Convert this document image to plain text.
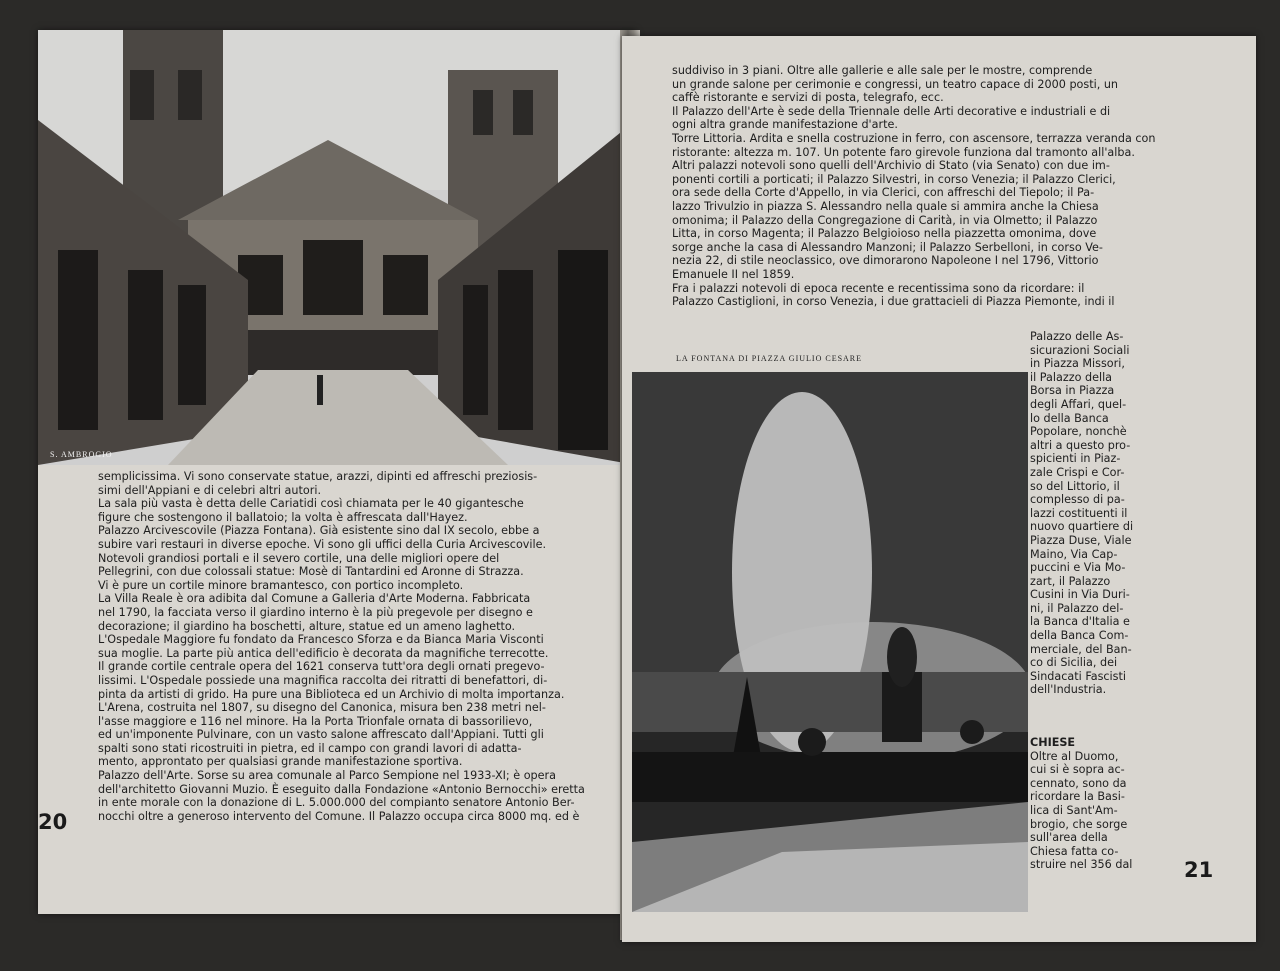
S. AMBROGIO

semplicissima. Vi sono conservate statue, arazzi, dipinti ed affreschi preziosis-

simi dell'Appiani e di celebri altri autori.

La sala più vasta è detta delle Cariatidi così chiamata per le 40 gigantesche

figure che sostengono il ballatoio; la volta è affrescata dall'Hayez.

Palazzo Arcivescovile (Piazza Fontana). Già esistente sino dal IX secolo, ebbe a

subire vari restauri in diverse epoche. Vi sono gli uffici della Curia Arcivescovile.

Notevoli grandiosi portali e il severo cortile, una delle migliori opere del

Pellegrini, con due colossali statue: Mosè di Tantardini ed Aronne di Strazza.

Vi è pure un cortile minore bramantesco, con portico incompleto.

La Villa Reale è ora adibita dal Comune a Galleria d'Arte Moderna. Fabbricata

nel 1790, la facciata verso il giardino interno è la più pregevole per disegno e

decorazione; il giardino ha boschetti, alture, statue ed un ameno laghetto.

L'Ospedale Maggiore fu fondato da Francesco Sforza e da Bianca Maria Visconti

sua moglie. La parte più antica dell'edificio è decorata da magnifiche terrecotte.

Il grande cortile centrale opera del 1621 conserva tutt'ora degli ornati pregevo-

lissimi. L'Ospedale possiede una magnifica raccolta dei ritratti di benefattori, di-

pinta da artisti di grido. Ha pure una Biblioteca ed un Archivio di molta importanza.

L'Arena, costruita nel 1807, su disegno del Canonica, misura ben 238 metri nel-

l'asse maggiore e 116 nel minore. Ha la Porta Trionfale ornata di bassorilievo,

ed un'imponente Pulvinare, con un vasto salone affrescato dall'Appiani. Tutti gli

spalti sono stati ricostruiti in pietra, ed il campo con grandi lavori di adatta-

mento, approntato per qualsiasi grande manifestazione sportiva.

Palazzo dell'Arte. Sorse su area comunale al Parco Sempione nel 1933-XI; è opera

dell'architetto Giovanni Muzio. È eseguito dalla Fondazione «Antonio Bernocchi» eretta

in ente morale con la donazione di L. 5.000.000 del compianto senatore Antonio Ber-

nocchi oltre a generoso intervento del Comune. Il Palazzo occupa circa 8000 mq. ed è

20

suddiviso in 3 piani. Oltre alle gallerie e alle sale per le mostre, comprende

un grande salone per cerimonie e congressi, un teatro capace di 2000 posti, un

caffè ristorante e servizi di posta, telegrafo, ecc.

Il Palazzo dell'Arte è sede della Triennale delle Arti decorative e industriali e di

ogni altra grande manifestazione d'arte.

Torre Littoria. Ardita e snella costruzione in ferro, con ascensore, terrazza veranda con

ristorante: altezza m. 107. Un potente faro girevole funziona dal tramonto all'alba.

Altri palazzi notevoli sono quelli dell'Archivio di Stato (via Senato) con due im-

ponenti cortili a porticati; il Palazzo Silvestri, in corso Venezia; il Palazzo Clerici,

ora sede della Corte d'Appello, in via Clerici, con affreschi del Tiepolo; il Pa-

lazzo Trivulzio in piazza S. Alessandro nella quale si ammira anche la Chiesa

omonima; il Palazzo della Congregazione di Carità, in via Olmetto; il Palazzo

Litta, in corso Magenta; il Palazzo Belgioioso nella piazzetta omonima, dove

sorge anche la casa di Alessandro Manzoni; il Palazzo Serbelloni, in corso Ve-

nezia 22, di stile neoclassico, ove dimorarono Napoleone I nel 1796, Vittorio

Emanuele II nel 1859.

Fra i palazzi notevoli di epoca recente e recentissima sono da ricordare: il

Palazzo Castiglioni, in corso Venezia, i due grattacieli di Piazza Piemonte, indi il

LA FONTANA DI PIAZZA GIULIO CESARE

Palazzo delle As-

sicurazioni Sociali

in Piazza Missori,

il Palazzo della

Borsa in Piazza

degli Affari, quel-

lo della Banca

Popolare, nonchè

altri a questo pro-

spicienti in Piaz-

zale Crispi e Cor-

so del Littorio, il

complesso di pa-

lazzi costituenti il

nuovo quartiere di

Piazza Duse, Viale

Maino, Via Cap-

puccini e Via Mo-

zart, il Palazzo

Cusini in Via Duri-

ni, il Palazzo del-

la Banca d'Italia e

della Banca Com-

merciale, del Ban-

co di Sicilia, dei

Sindacati Fascisti

dell'Industria.

CHIESE

Oltre al Duomo,

cui si è sopra ac-

cennato, sono da

ricordare la Basi-

lica di Sant'Am-

brogio, che sorge

sull'area della

Chiesa fatta co-

struire nel 356 dal	21
